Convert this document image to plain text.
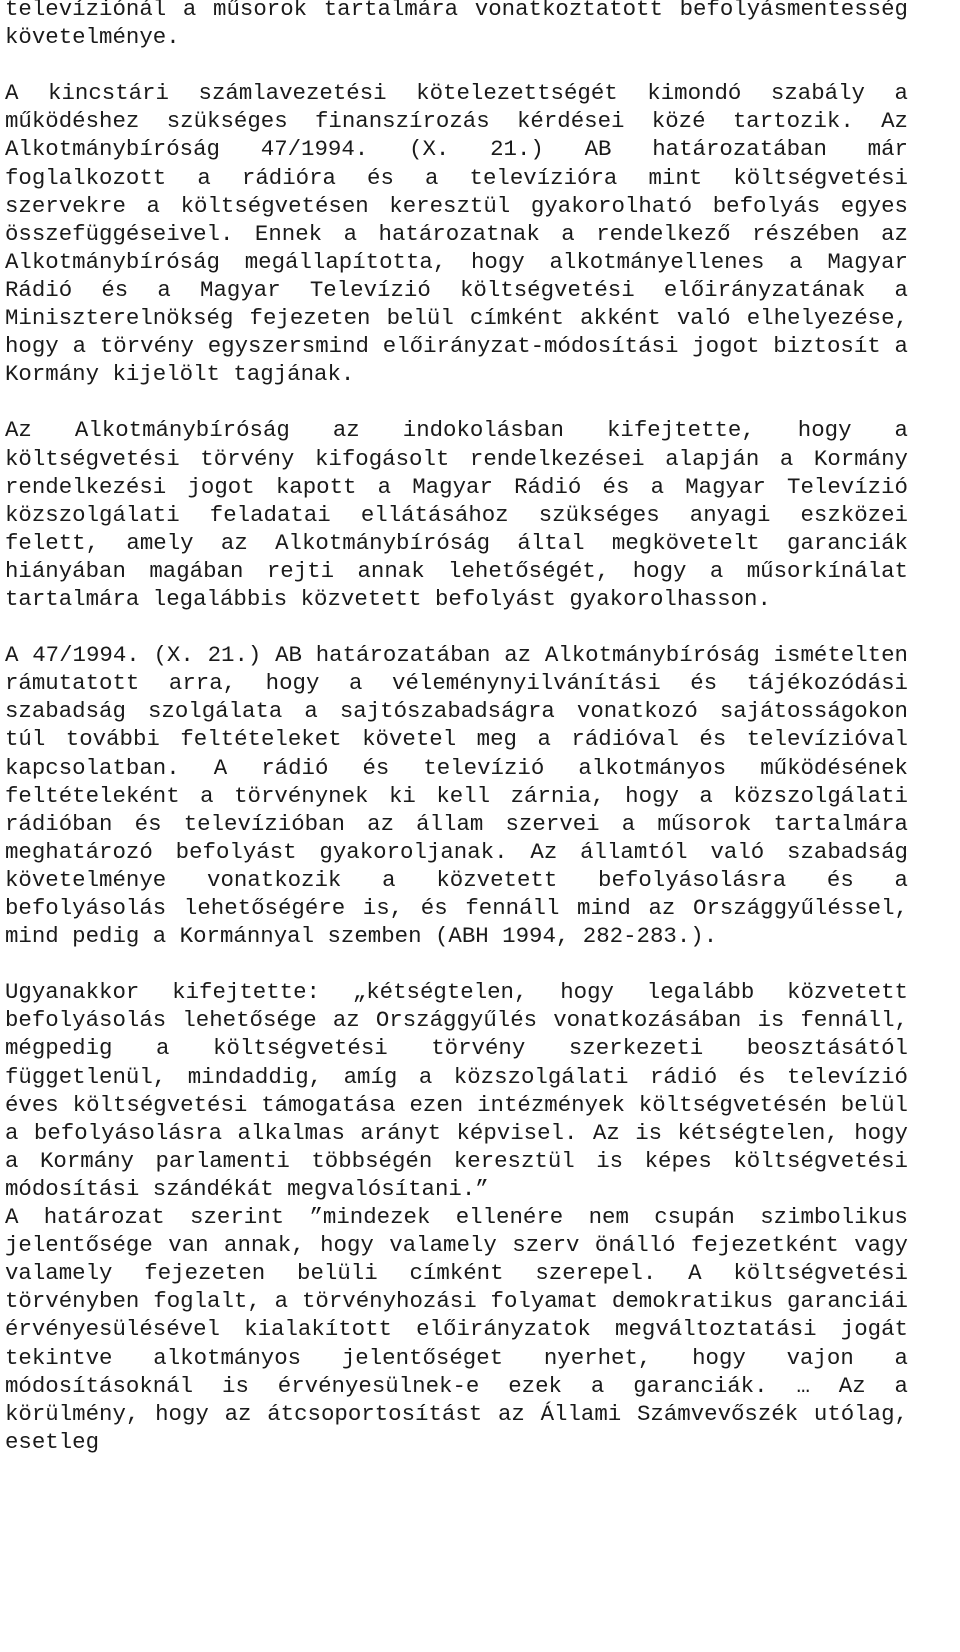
televíziónál a műsorok tartalmára vonatkoztatott befolyásmentesség követelménye.

A kincstári számlavezetési kötelezettségét kimondó szabály a működéshez szükséges finanszírozás kérdései közé tartozik. Az Alkotmánybíróság 47/1994. (X. 21.) AB határozatában már foglalkozott a rádióra és a televízióra mint költségvetési szervekre a költségvetésen keresztül gyakorolható befolyás egyes összefüggéseivel. Ennek a határozatnak a rendelkező részében az Alkotmánybíróság megállapította, hogy alkotmányellenes a Magyar Rádió és a Magyar Televízió költségvetési előirányzatának a Miniszterelnökség fejezeten belül címként akként való elhelyezése, hogy a törvény egyszersmind előirányzat-módosítási jogot biztosít a Kormány kijelölt tagjának.

Az Alkotmánybíróság az indokolásban kifejtette, hogy a költségvetési törvény kifogásolt rendelkezései alapján a Kormány rendelkezési jogot kapott a Magyar Rádió és a Magyar Televízió közszolgálati feladatai ellátásához szükséges anyagi eszközei felett, amely az Alkotmánybíróság által megkövetelt garanciák hiányában magában rejti annak lehetőségét, hogy a műsorkínálat tartalmára legalábbis közvetett befolyást gyakorolhasson.

A 47/1994. (X. 21.) AB határozatában az Alkotmánybíróság ismételten rámutatott arra, hogy a véleménynyilvánítási és tájékozódási szabadság szolgálata a sajtószabadságra vonatkozó sajátosságokon túl további feltételeket követel meg a rádióval és televízióval kapcsolatban. A rádió és televízió alkotmányos működésének feltételeként a törvénynek ki kell zárnia, hogy a közszolgálati rádióban és televízióban az állam szervei a műsorok tartalmára meghatározó befolyást gyakoroljanak. Az államtól való szabadság követelménye vonatkozik a közvetett befolyásolásra és a befolyásolás lehetőségére is, és fennáll mind az Országgyűléssel, mind pedig a Kormánnyal szemben (ABH 1994, 282-283.).

Ugyanakkor kifejtette: „kétségtelen, hogy legalább közvetett befolyásolás lehetősége az Országgyűlés vonatkozásában is fennáll, mégpedig a költségvetési törvény szerkezeti beosztásától függetlenül, mindaddig, amíg a közszolgálati rádió és televízió éves költségvetési támogatása ezen intézmények költségvetésén belül a befolyásolásra alkalmas arányt képvisel. Az is kétségtelen, hogy a Kormány parlamenti többségén keresztül is képes költségvetési módosítási szándékát megvalósítani.”

A határozat szerint ”mindezek ellenére nem csupán szimbolikus jelentősége van annak, hogy valamely szerv önálló fejezetként vagy valamely fejezeten belüli címként szerepel. A költségvetési törvényben foglalt, a törvényhozási folyamat demokratikus garanciái érvényesülésével kialakított előirányzatok megváltoztatási jogát tekintve alkotmányos jelentőséget nyerhet, hogy vajon a módosításoknál is érvényesülnek-e ezek a garanciák. … Az a körülmény, hogy az átcsoportosítást az Állami Számvevőszék utólag, esetleg
